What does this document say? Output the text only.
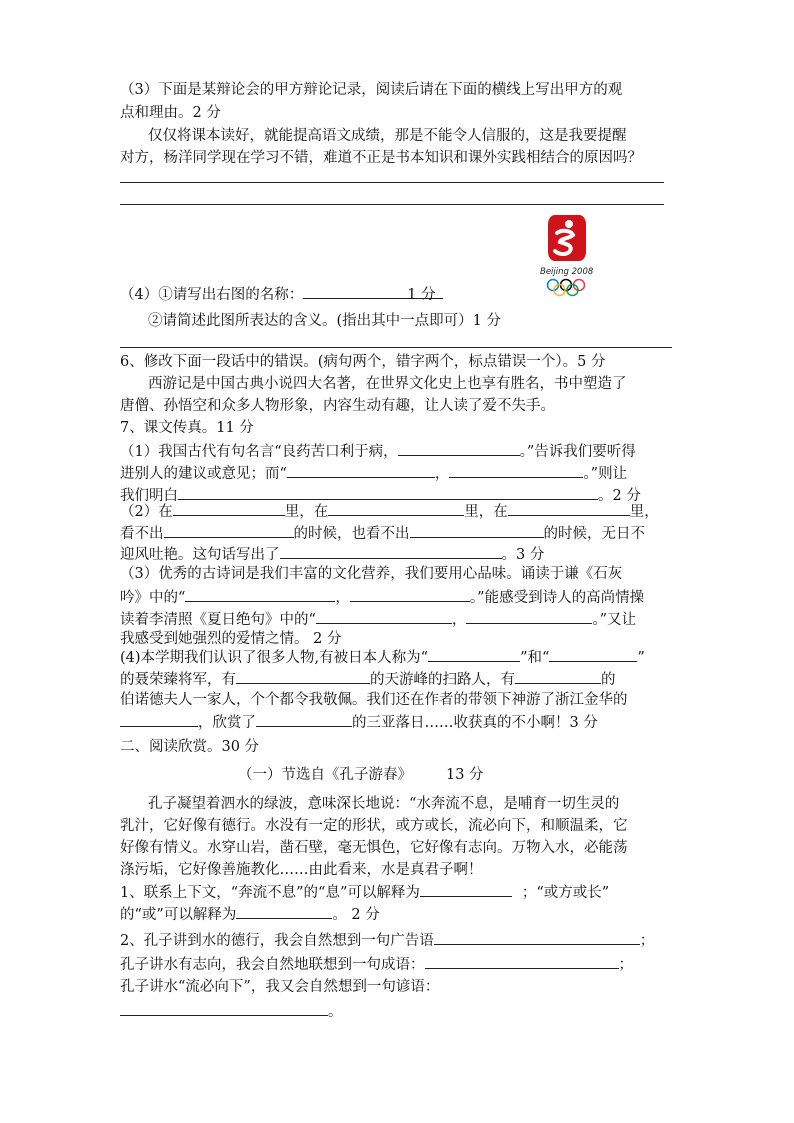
（3）下面是某辩论会的甲方辩论记录，阅读后请在下面的横线上写出甲方的观
点和理由。2 分
仅仅将课本读好，就能提高语文成绩，那是不能令人信服的，这是我要提醒
对方，杨洋同学现在学习不错，难道不正是书本知识和课外实践相结合的原因吗？
Beijing 2008
（4）①请写出右图的名称：	1 分
②请简述此图所表达的含义。(指出其中一点即可）1 分
6、修改下面一段话中的错误。(病句两个，错字两个，标点错误一个）。5 分
西游记是中国古典小说四大名著，在世界文化史上也享有胜名，书中塑造了
唐僧、孙悟空和众多人物形象，内容生动有趣，让人读了爱不失手。
7、课文传真。11 分
（1）我国古代有句名言“良药苦口利于病，	。”告诉我们要听得
进别人的建议或意见；而“	，	。”则让
我们明白	。2 分
（2）在	里，在	里，在	里，
看不出	的时候，也看不出	的时候，无日不
迎风吐艳。这句话写出了	。3 分
（3）优秀的古诗词是我们丰富的文化营养，我们要用心品味。诵读于谦《石灰
吟》中的“	，	。”能感受到诗人的高尚情操
读着李清照《夏日绝句》中的“	，	。”又让
我感受到她强烈的爱情之情。 2 分
(4)本学期我们认识了很多人物,有被日本人称为“	”和“	”
的聂荣臻将军，有	的天游峰的扫路人，有	的
伯诺德夫人一家人，个个都令我敬佩。我们还在作者的带领下神游了浙江金华的
，欣赏了	的三亚落日……收获真的不小啊！3 分
二、阅读欣赏。30 分
（一）节选自《孔子游春》 13 分
孔子凝望着泗水的绿波，意味深长地说：“水奔流不息，是哺育一切生灵的
乳汁，它好像有德行。水没有一定的形状，或方或长，流必向下，和顺温柔，它
好像有情义。水穿山岩，凿石壁，毫无惧色，它好像有志向。万物入水，必能荡
涤污垢，它好像善施教化……由此看来，水是真君子啊！
1、联系上下文，“奔流不息”的“息”可以解释为	；“或方或长”
的“或”可以解释为	。 2 分
2、孔子讲到水的德行，我会自然想到一句广告语	；
孔子讲水有志向，我会自然地联想到一句成语：	；
孔子讲水“流必向下”，我又会自然想到一句谚语：
。
